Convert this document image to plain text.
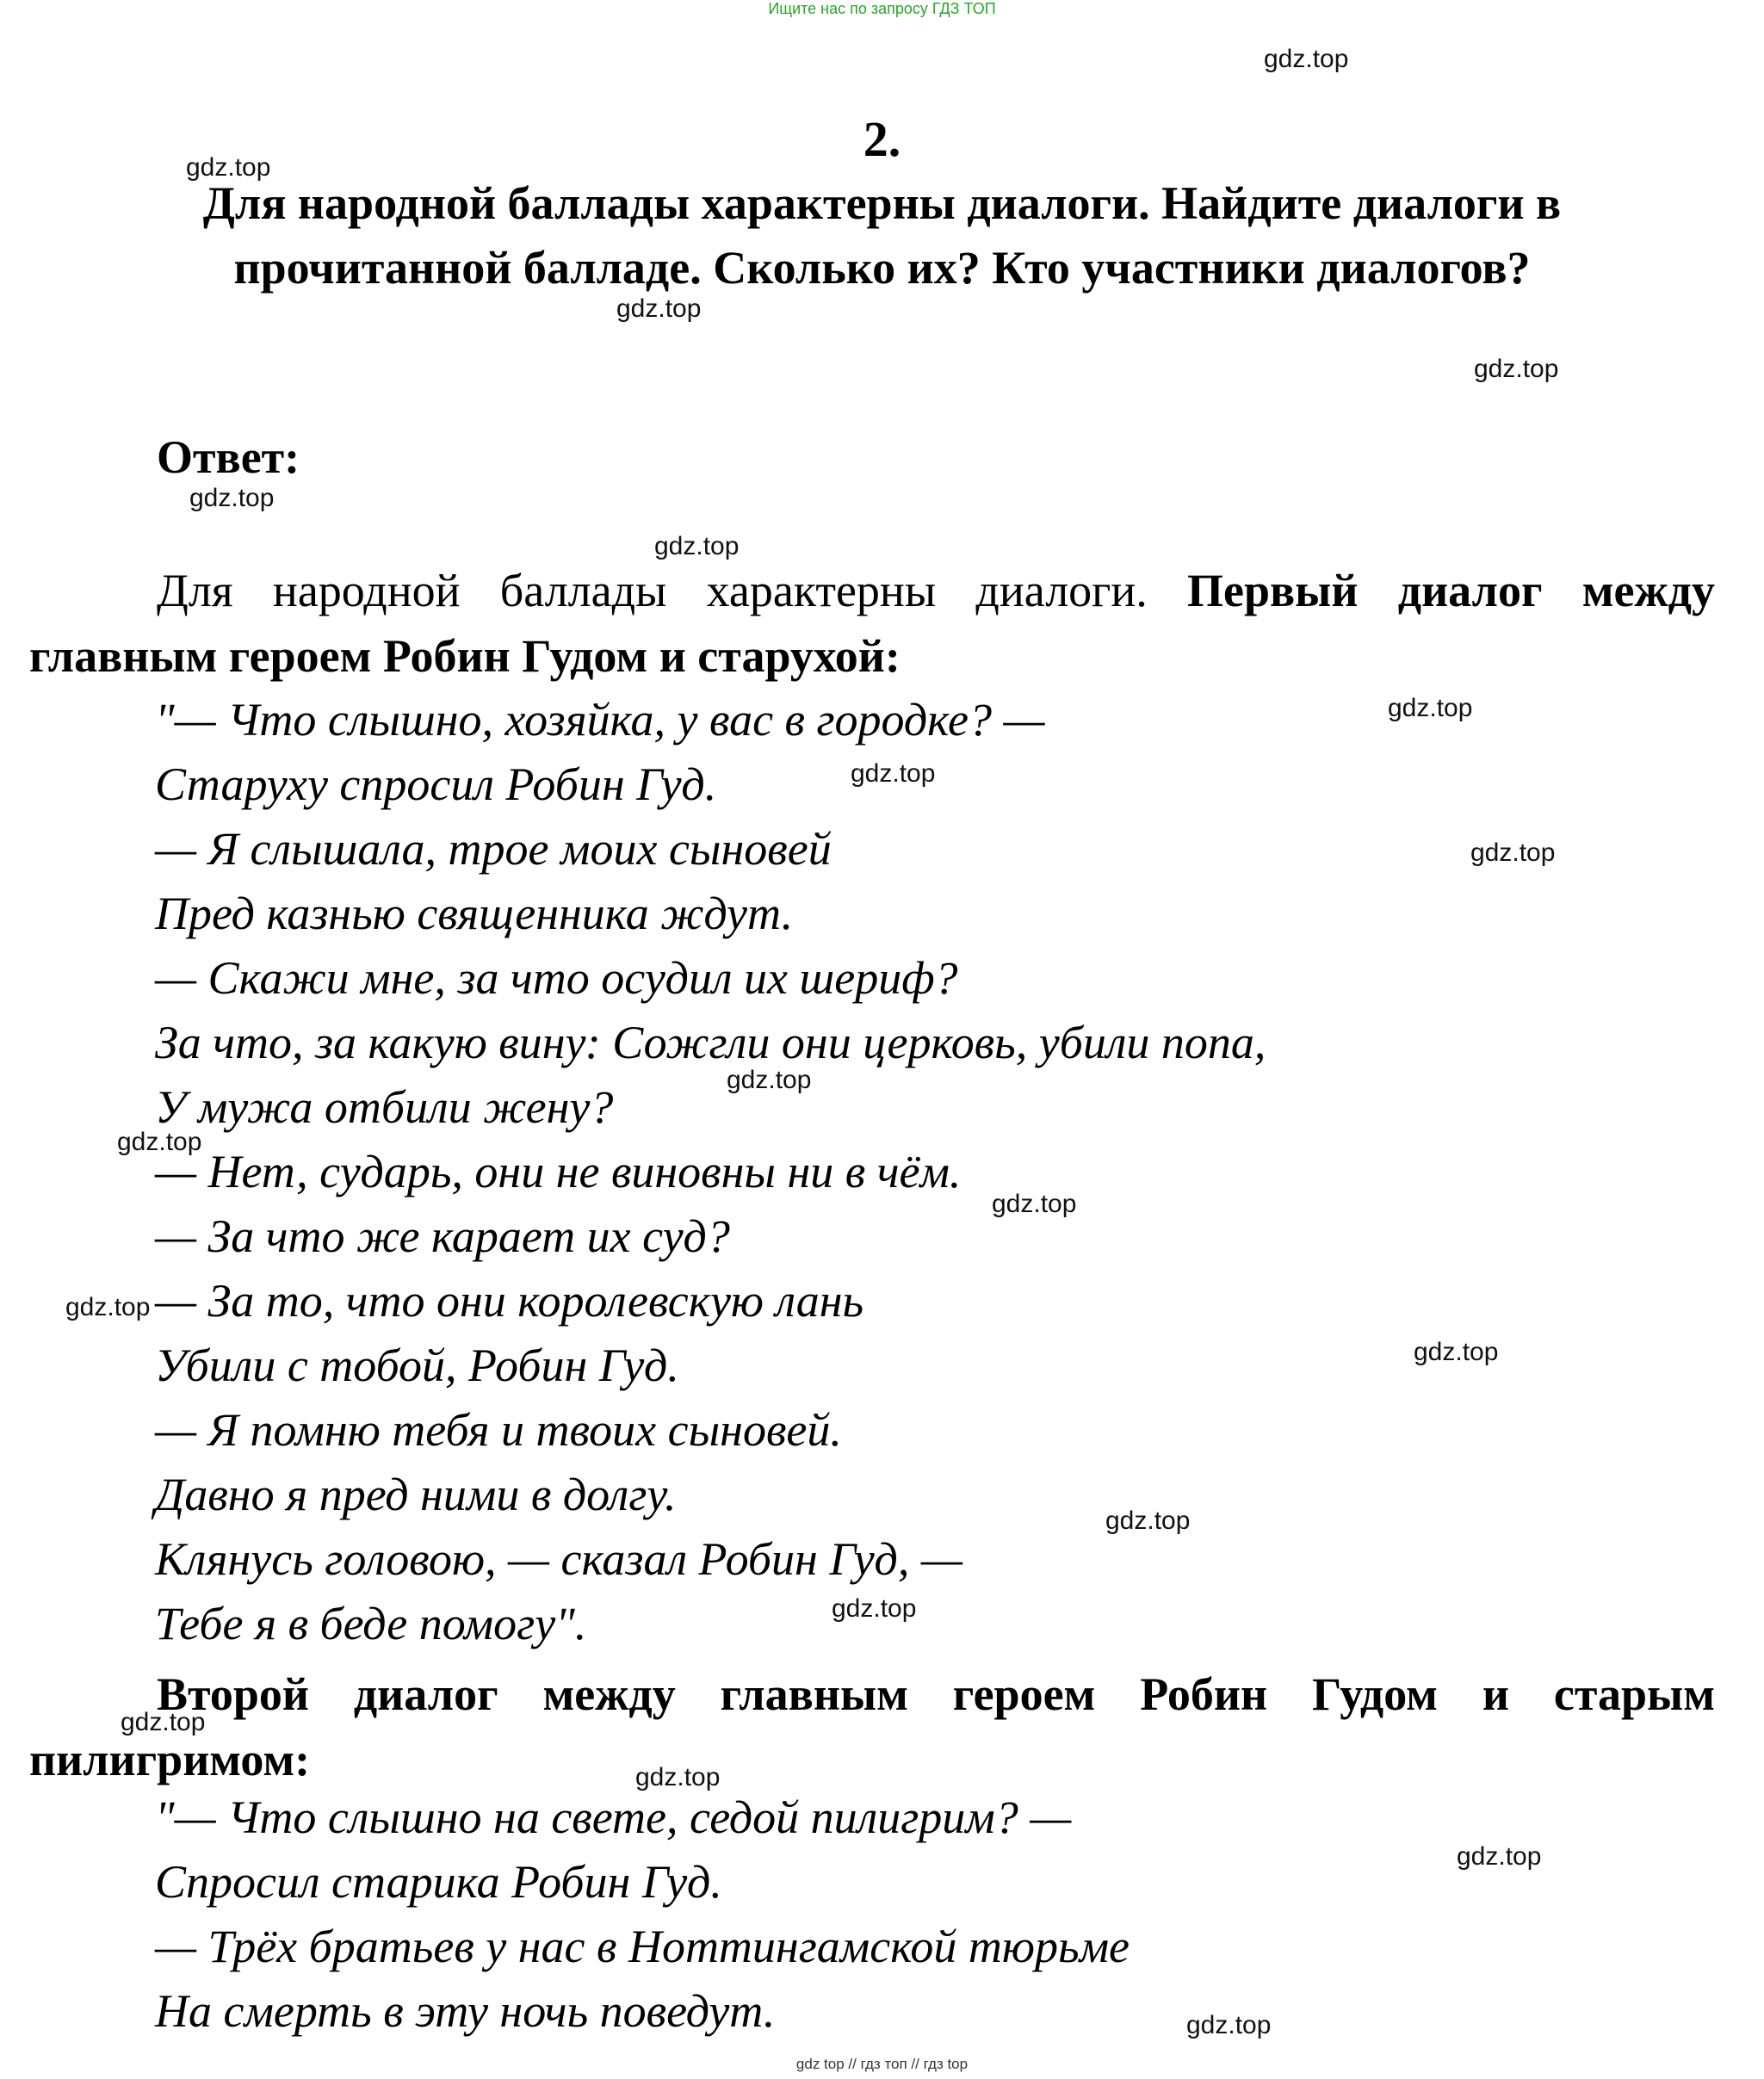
Ищите нас по запросу ГДЗ ТОП
2.
Для народной баллады характерны диалоги. Найдите диалоги в
прочитанной балладе. Сколько их? Кто участники диалогов?
Ответ:
Для народной баллады характерны диалоги. Первый диалог между главным героем Робин Гудом и старухой:
"— Что слышно, хозяйка, у вас в городке? —
Старуху спросил Робин Гуд.
— Я слышала, трое моих сыновей
Пред казнью священника ждут.
— Скажи мне, за что осудил их шериф?
За что, за какую вину: Сожгли они церковь, убили попа,
У мужа отбили жену?
— Нет, сударь, они не виновны ни в чём.
— За что же карает их суд?
— За то, что они королевскую лань
Убили с тобой, Робин Гуд.
— Я помню тебя и твоих сыновей.
Давно я пред ними в долгу.
Клянусь головою, — сказал Робин Гуд, —
Тебе я в беде помогу".
Второй диалог между главным героем Робин Гудом и старым пилигримом:
"— Что слышно на свете, седой пилигрим? —
Спросил старика Робин Гуд.
— Трёх братьев у нас в Ноттингамской тюрьме
На смерть в эту ночь поведут.
gdz.top
gdz.top
gdz.top
gdz.top
gdz.top
gdz.top
gdz.top
gdz.top
gdz.top
gdz.top
gdz.top
gdz.top
gdz.top
gdz.top
gdz.top
gdz.top
gdz.top
gdz.top
gdz.top
gdz.top
gdz top // гдз топ // гдз top
